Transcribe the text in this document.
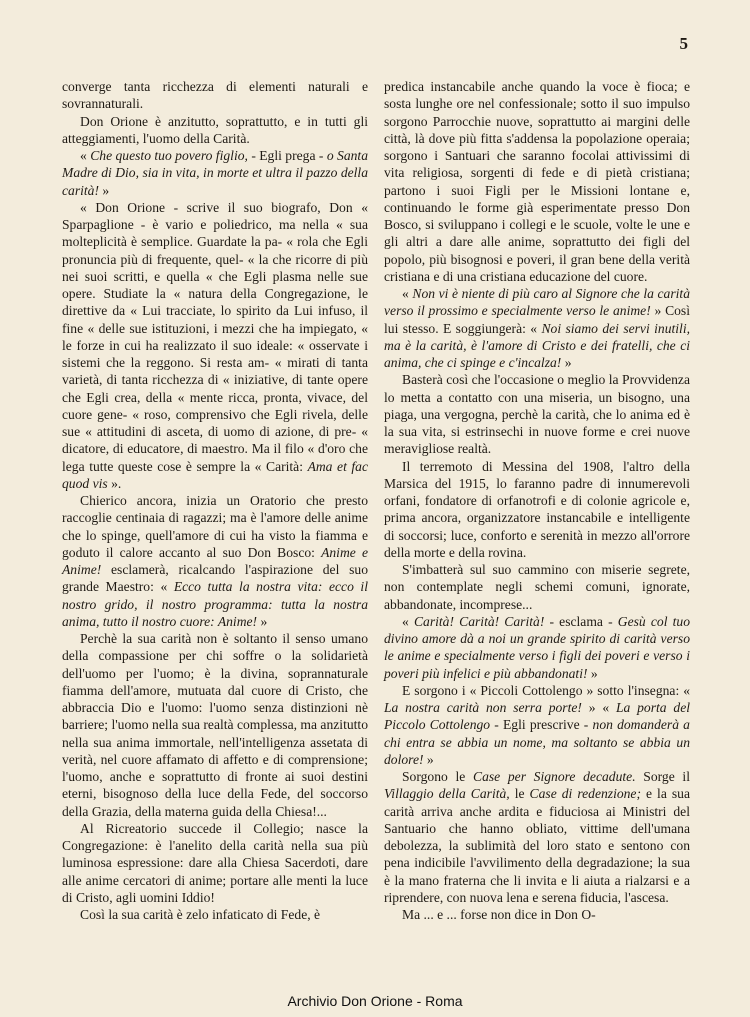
5

converge tanta ricchezza di elementi naturali e sovrannaturali.

Don Orione è anzitutto, soprattutto, e in tutti gli atteggiamenti, l'uomo della Carità.

« Che questo tuo povero figlio, - Egli prega - o Santa Madre di Dio, sia in vita, in morte et ultra il pazzo della carità! »

« Don Orione - scrive il suo biografo, Don « Sparpaglione - è vario e poliedrico, ma nella « sua molteplicità è semplice. Guardate la pa- « rola che Egli pronuncia più di frequente, quel- « la che ricorre di più nei suoi scritti, e quella « che Egli plasma nelle sue opere. Studiate la « natura della Congregazione, le direttive da « Lui tracciate, lo spirito da Lui infuso, il fine « delle sue istituzioni, i mezzi che ha impiegato, « le forze in cui ha realizzato il suo ideale: « osservate i sistemi che la reggono. Si resta am- « mirati di tanta varietà, di tanta ricchezza di « iniziative, di tante opere che Egli crea, della « mente ricca, pronta, vivace, del cuore gene- « roso, comprensivo che Egli rivela, delle sue « attitudini di asceta, di uomo di azione, di pre- « dicatore, di educatore, di maestro. Ma il filo « d'oro che lega tutte queste cose è sempre la « Carità: Ama et fac quod vis ».

Chierico ancora, inizia un Oratorio che presto raccoglie centinaia di ragazzi; ma è l'amore delle anime che lo spinge, quell'amore di cui ha visto la fiamma e goduto il calore accanto al suo Don Bosco: Anime e Anime! esclamerà, ricalcando l'aspirazione del suo grande Maestro: « Ecco tutta la nostra vita: ecco il nostro grido, il nostro programma: tutta la nostra anima, tutto il nostro cuore: Anime! »

Perchè la sua carità non è soltanto il senso umano della compassione per chi soffre o la solidarietà dell'uomo per l'uomo; è la divina, soprannaturale fiamma dell'amore, mutuata dal cuore di Cristo, che abbraccia Dio e l'uomo: l'uomo senza distinzioni nè barriere; l'uomo nella sua realtà complessa, ma anzitutto nella sua anima immortale, nell'intelligenza assetata di verità, nel cuore affamato di affetto e di comprensione; l'uomo, anche e soprattutto di fronte ai suoi destini eterni, bisognoso della luce della Fede, del soccorso della Grazia, della materna guida della Chiesa!...

Al Ricreatorio succede il Collegio; nasce la Congregazione: è l'anelito della carità nella sua più luminosa espressione: dare alla Chiesa Sacerdoti, dare alle anime cercatori di anime; portare alle menti la luce di Cristo, agli uomini Iddio!

Così la sua carità è zelo infaticato di Fede, è

predica instancabile anche quando la voce è fioca; e sosta lunghe ore nel confessionale; sotto il suo impulso sorgono Parrocchie nuove, soprattutto ai margini delle città, là dove più fitta s'addensa la popolazione operaia; sorgono i Santuari che saranno focolai attivissimi di vita religiosa, sorgenti di fede e di pietà cristiana; partono i suoi Figli per le Missioni lontane e, continuando le forme già esperimentate presso Don Bosco, si sviluppano i collegi e le scuole, volte le une e gli altri a dare alle anime, soprattutto dei figli del popolo, più bisognosi e poveri, il gran bene della verità cristiana e di una cristiana educazione del cuore.

« Non vi è niente di più caro al Signore che la carità verso il prossimo e specialmente verso le anime! » Così lui stesso. E soggiungerà: « Noi siamo dei servi inutili, ma è la carità, è l'amore di Cristo e dei fratelli, che ci anima, che ci spinge e c'incalza! »

Basterà così che l'occasione o meglio la Provvidenza lo metta a contatto con una miseria, un bisogno, una piaga, una vergogna, perchè la carità, che lo anima ed è la sua vita, si estrinsechi in nuove forme e crei nuove meravigliose realtà.

Il terremoto di Messina del 1908, l'altro della Marsica del 1915, lo faranno padre di innumerevoli orfani, fondatore di orfanotrofi e di colonie agricole e, prima ancora, organizzatore instancabile e intelligente di soccorsi; luce, conforto e serenità in mezzo all'orrore della morte e della rovina.

S'imbatterà sul suo cammino con miserie segrete, non contemplate negli schemi comuni, ignorate, abbandonate, incomprese...

« Carità! Carità! Carità! - esclama - Gesù col tuo divino amore dà a noi un grande spirito di carità verso le anime e specialmente verso i figli dei poveri e verso i poveri più infelici e più abbandonati! »

E sorgono i « Piccoli Cottolengo » sotto l'insegna: « La nostra carità non serra porte! » « La porta del Piccolo Cottolengo - Egli prescrive - non domanderà a chi entra se abbia un nome, ma soltanto se abbia un dolore! »

Sorgono le Case per Signore decadute. Sorge il Villaggio della Carità, le Case di redenzione; e la sua carità arriva anche ardita e fiduciosa ai Ministri del Santuario che hanno obliato, vittime dell'umana debolezza, la sublimità del loro stato e sentono con pena indicibile l'avvilimento della degradazione; la sua è la mano fraterna che li invita e li aiuta a rialzarsi e a riprendere, con nuova lena e serena fiducia, l'ascesa.

Ma ... e ... forse non dice in Don O-

Archivio Don Orione - Roma
